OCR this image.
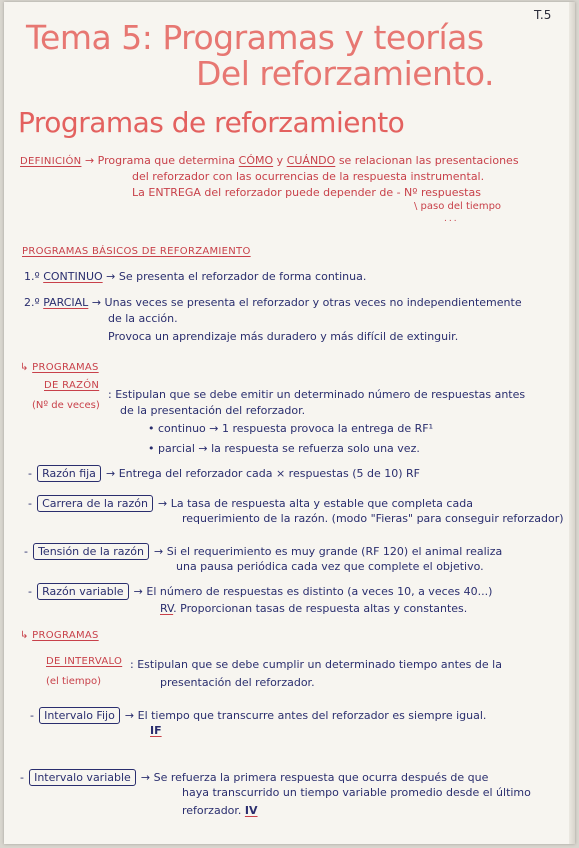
T.5
Tema 5: Programas y teorías
Del reforzamiento.
Programas de reforzamiento
DEFINICIÓN → Programa que determina CÓMO y CUÁNDO se relacionan las presentaciones
del reforzador con las ocurrencias de la respuesta instrumental.
La ENTREGA del reforzador puede depender de - Nº respuestas
\ paso del tiempo
...
PROGRAMAS BÁSICOS DE REFORZAMIENTO
1.º CONTINUO → Se presenta el reforzador de forma continua.
2.º PARCIAL → Unas veces se presenta el reforzador y otras veces no independientemente
de la acción.
Provoca un aprendizaje más duradero y más difícil de extinguir.
↳ PROGRAMAS
DE RAZÓN
(Nº de veces)
: Estipulan que se debe emitir un determinado número de respuestas antes
de la presentación del reforzador.
• continuo → 1 respuesta provoca la entrega de RF¹
• parcial → la respuesta se refuerza solo una vez.
- Razón fija → Entrega del reforzador cada × respuestas (5 de 10) RF
- Carrera de la razón → La tasa de respuesta alta y estable que completa cada
requerimiento de la razón. (modo "Fieras" para conseguir reforzador)
- Tensión de la razón → Si el requerimiento es muy grande (RF 120) el animal realiza
una pausa periódica cada vez que complete el objetivo.
- Razón variable → El número de respuestas es distinto (a veces 10, a veces 40...)
RV. Proporcionan tasas de respuesta altas y constantes.
↳ PROGRAMAS
DE INTERVALO
(el tiempo)
: Estipulan que se debe cumplir un determinado tiempo antes de la
presentación del reforzador.
- Intervalo Fijo → El tiempo que transcurre antes del reforzador es siempre igual.
IF
- Intervalo variable → Se refuerza la primera respuesta que ocurra después de que
haya transcurrido un tiempo variable promedio desde el último
reforzador. IV
